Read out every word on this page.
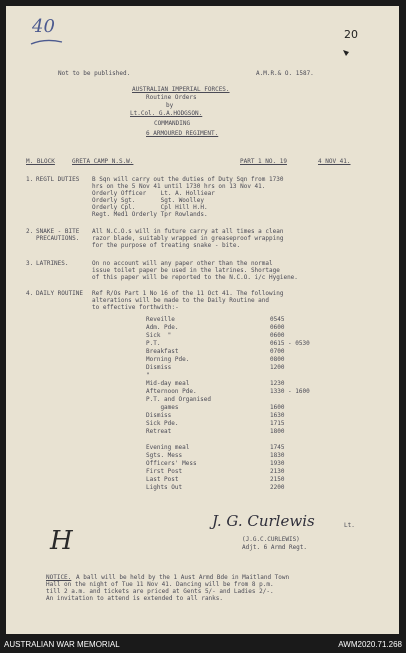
40	20
Not to be published.	A.M.R.& O. 1587.
AUSTRALIAN IMPERIAL FORCES.
Routine Orders
by
Lt.Col. G.A.HODGSON.
COMMANDING
6 ARMOURED REGIMENT.
M. BLOCK	GRETA CAMP N.S.W.	PART 1 NO. 19	4 NOV 41.
1. REGTL DUTIES B Sqn will carry out the duties of Duty Sqn from 1730
hrs on the 5 Nov 41 until 1730 hrs on 13 Nov 41.
Orderly Officer    Lt. A. Holliear
Orderly Sgt.       Sgt. Woolley
Orderly Cpl.       Cpl Hill H.H.
Regt. Med1 Orderly Tpr Rowlands.
2. SNAKE - BITE
PRECAUTIONS.
All N.C.O.s will in future carry at all times a clean
razor blade, suitably wrapped in greaseproof wrapping
for the purpose of treating snake - bite.
3. LATRINES.	On no account will any paper other than the normal
issue toilet paper be used in the latrines. Shortage
of this paper will be reported to the N.C.O. i/c Hygiene.
4. DAILY ROUTINE Ref R/Os Part 1 No 16 of the 11 Oct 41. The following
alterations will be made to the Daily Routine and
to effective forthwith:-
Reveille	0545
Adm. Pde.	0600
Sick  "	0600
P.T.	0615 - 0530
Breakfast	0700
Morning Pde.	0800
Dismiss	1200
"
Mid-day meal	1230
Afternoon Pde.	1330 - 1600
P.T. and Organised
games	1600
Dismiss	1630
Sick Pde.	1715
Retreat	1800
Evening meal	1745
Sgts. Mess	1830
Officers' Mess	1930
First Post	2130
Last Post	2150
Lights Out	2200
J. G. Curlewis	Lt.
(J.G.C.CURLEWIS)
Adjt. 6 Armd Regt.
H
NOTICE. A ball will be held by the 1 Aust Armd Bde in Maitland Town
Hall on the night of Tue 11 Nov 41. Dancing will be from 8 p.m.
till 2 a.m. and tickets are priced at Gents 5/- and Ladies 2/-.
An invitation to attend is extended to all ranks.
AUSTRALIAN WAR MEMORIAL	AWM2020.71.268
